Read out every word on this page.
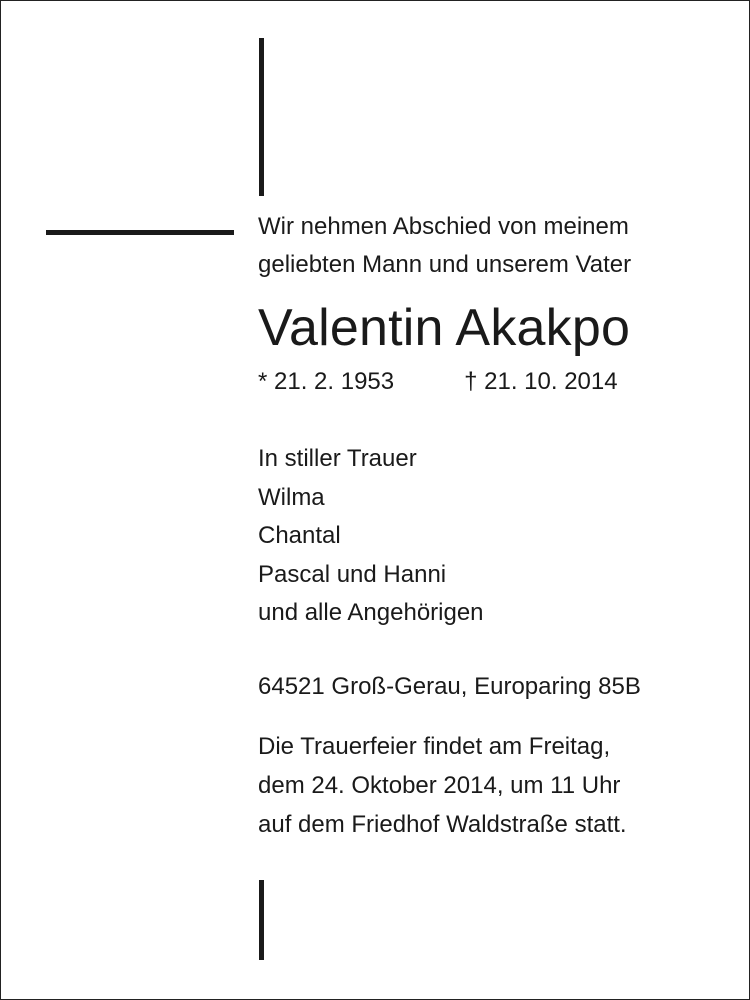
Wir nehmen Abschied von meinem
geliebten Mann und unserem Vater
Valentin Akakpo
* 21. 2. 1953	† 21. 10. 2014
In stiller Trauer
Wilma
Chantal
Pascal und Hanni
und alle Angehörigen
64521 Groß-Gerau, Europaring 85B
Die Trauerfeier findet am Freitag,
dem 24. Oktober 2014, um 11 Uhr
auf dem Friedhof Waldstraße statt.
